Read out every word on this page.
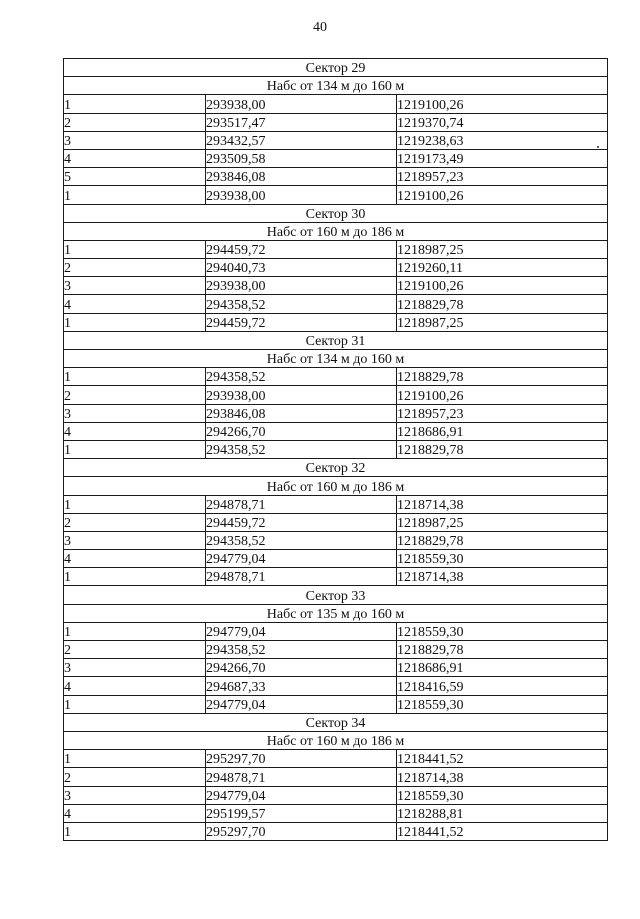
40
Сектор 29		
Набс от 134 м до 160 м		
1	293938,00	1219100,26
2	293517,47	1219370,74
3	293432,57	1219238,63
4	293509,58	1219173,49
5	293846,08	1218957,23
1	293938,00	1219100,26
Сектор 30		
Набс от 160 м до 186 м		
1	294459,72	1218987,25
2	294040,73	1219260,11
3	293938,00	1219100,26
4	294358,52	1218829,78
1	294459,72	1218987,25
Сектор 31		
Набс от 134 м до 160 м		
1	294358,52	1218829,78
2	293938,00	1219100,26
3	293846,08	1218957,23
4	294266,70	1218686,91
1	294358,52	1218829,78
Сектор 32		
Набс от 160 м до 186 м		
1	294878,71	1218714,38
2	294459,72	1218987,25
3	294358,52	1218829,78
4	294779,04	1218559,30
1	294878,71	1218714,38
Сектор 33		
Набс от 135 м до 160 м		
1	294779,04	1218559,30
2	294358,52	1218829,78
3	294266,70	1218686,91
4	294687,33	1218416,59
1	294779,04	1218559,30
Сектор 34		
Набс от 160 м до 186 м		
1	295297,70	1218441,52
2	294878,71	1218714,38
3	294779,04	1218559,30
4	295199,57	1218288,81
1	295297,70	1218441,52
